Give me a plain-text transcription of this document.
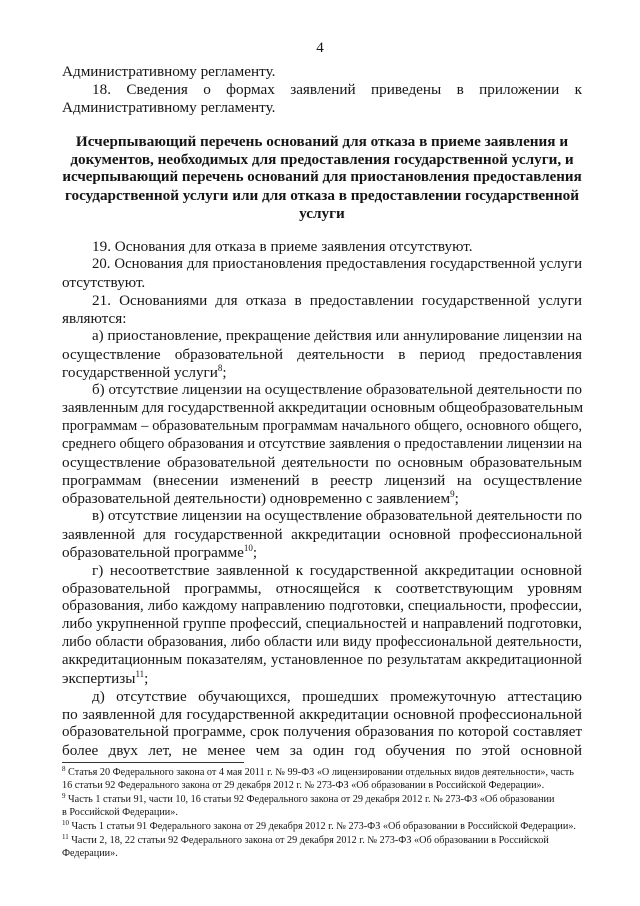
4
Административному регламенту.
18. Сведения о формах заявлений приведены в приложении к
Административному регламенту.
Исчерпывающий перечень оснований для отказа в приеме заявления и
документов, необходимых для предоставления государственной услуги, и
исчерпывающий перечень оснований для приостановления предоставления
государственной услуги или для отказа в предоставлении государственной
услуги
19. Основания для отказа в приеме заявления отсутствуют.
20. Основания для приостановления предоставления государственной услуги
отсутствуют.
21. Основаниями для отказа в предоставлении государственной услуги
являются:
а) приостановление, прекращение действия или аннулирование лицензии на
осуществление образовательной деятельности в период предоставления
государственной услуги$^8$;
б) отсутствие лицензии на осуществление образовательной деятельности по
заявленным для государственной аккредитации основным общеобразовательным
программам – образовательным программам начального общего, основного общего,
среднего общего образования и отсутствие заявления о предоставлении лицензии на
осуществление образовательной деятельности по основным образовательным
программам (внесении изменений в реестр лицензий на осуществление
образовательной деятельности) одновременно с заявлением$^9$;
в) отсутствие лицензии на осуществление образовательной деятельности по
заявленной для государственной аккредитации основной профессиональной
образовательной программе$^{10}$;
г) несоответствие заявленной к государственной аккредитации основной
образовательной программы, относящейся к соответствующим уровням
образования, либо каждому направлению подготовки, специальности, профессии,
либо укрупненной группе профессий, специальностей и направлений подготовки,
либо области образования, либо области или виду профессиональной деятельности,
аккредитационным показателям, установленное по результатам аккредитационной
экспертизы$^{11}$;
д) отсутствие обучающихся, прошедших промежуточную аттестацию
по заявленной для государственной аккредитации основной профессиональной
образовательной программе, срок получения образования по которой составляет
более двух лет, не менее чем за один год обучения по этой основной
$^8$ Статья 20 Федерального закона от 4 мая 2011 г. № 99-ФЗ «О лицензировании отдельных видов деятельности», часть
16 статьи 92 Федерального закона от 29 декабря 2012 г. № 273-ФЗ «Об образовании в Российской Федерации».
$^9$ Часть 1 статьи 91, части 10, 16 статьи 92 Федерального закона от 29 декабря 2012 г. № 273-ФЗ «Об образовании
в Российской Федерации».
$^{10}$ Часть 1 статьи 91 Федерального закона от 29 декабря 2012 г. № 273-ФЗ «Об образовании в Российской Федерации».
$^{11}$ Части 2, 18, 22 статьи 92 Федерального закона от 29 декабря 2012 г. № 273-ФЗ «Об образовании в Российской
Федерации».
